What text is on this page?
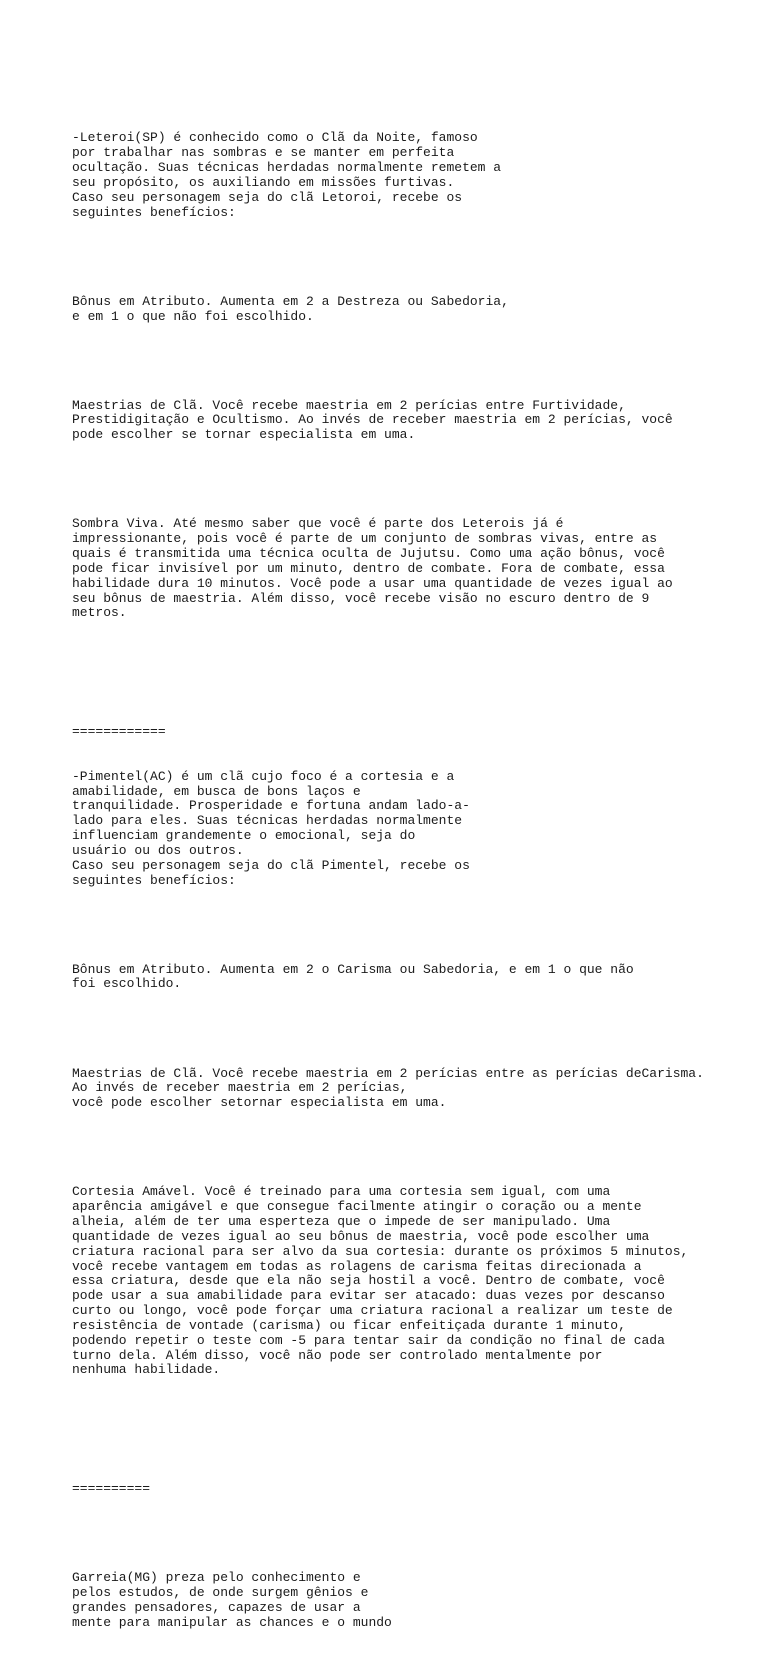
-Leteroi(SP) é conhecido como o Clã da Noite, famoso
por trabalhar nas sombras e se manter em perfeita
ocultação. Suas técnicas herdadas normalmente remetem a
seu propósito, os auxiliando em missões furtivas.
Caso seu personagem seja do clã Letoroi, recebe os
seguintes benefícios:

Bônus em Atributo. Aumenta em 2 a Destreza ou Sabedoria,
e em 1 o que não foi escolhido.

Maestrias de Clã. Você recebe maestria em 2 perícias entre Furtividade,
Prestidigitação e Ocultismo. Ao invés de receber maestria em 2 perícias, você
pode escolher se tornar especialista em uma.

Sombra Viva. Até mesmo saber que você é parte dos Leterois já é
impressionante, pois você é parte de um conjunto de sombras vivas, entre as
quais é transmitida uma técnica oculta de Jujutsu. Como uma ação bônus, você
pode ficar invisível por um minuto, dentro de combate. Fora de combate, essa
habilidade dura 10 minutos. Você pode a usar uma quantidade de vezes igual ao
seu bônus de maestria. Além disso, você recebe visão no escuro dentro de 9
metros.

============

-Pimentel(AC) é um clã cujo foco é a cortesia e a
amabilidade, em busca de bons laços e
tranquilidade. Prosperidade e fortuna andam lado-a-
lado para eles. Suas técnicas herdadas normalmente
influenciam grandemente o emocional, seja do
usuário ou dos outros.
Caso seu personagem seja do clã Pimentel, recebe os
seguintes benefícios:

Bônus em Atributo. Aumenta em 2 o Carisma ou Sabedoria, e em 1 o que não
foi escolhido.

Maestrias de Clã. Você recebe maestria em 2 perícias entre as perícias deCarisma.
Ao invés de receber maestria em 2 perícias,
você pode escolher setornar especialista em uma.

Cortesia Amável. Você é treinado para uma cortesia sem igual, com uma
aparência amigável e que consegue facilmente atingir o coração ou a mente
alheia, além de ter uma esperteza que o impede de ser manipulado. Uma
quantidade de vezes igual ao seu bônus de maestria, você pode escolher uma
criatura racional para ser alvo da sua cortesia: durante os próximos 5 minutos,
você recebe vantagem em todas as rolagens de carisma feitas direcionada a
essa criatura, desde que ela não seja hostil a você. Dentro de combate, você
pode usar a sua amabilidade para evitar ser atacado: duas vezes por descanso
curto ou longo, você pode forçar uma criatura racional a realizar um teste de
resistência de vontade (carisma) ou ficar enfeitiçada durante 1 minuto,
podendo repetir o teste com -5 para tentar sair da condição no final de cada
turno dela. Além disso, você não pode ser controlado mentalmente por
nenhuma habilidade.

==========

Garreia(MG) preza pelo conhecimento e
pelos estudos, de onde surgem gênios e
grandes pensadores, capazes de usar a
mente para manipular as chances e o mundo
